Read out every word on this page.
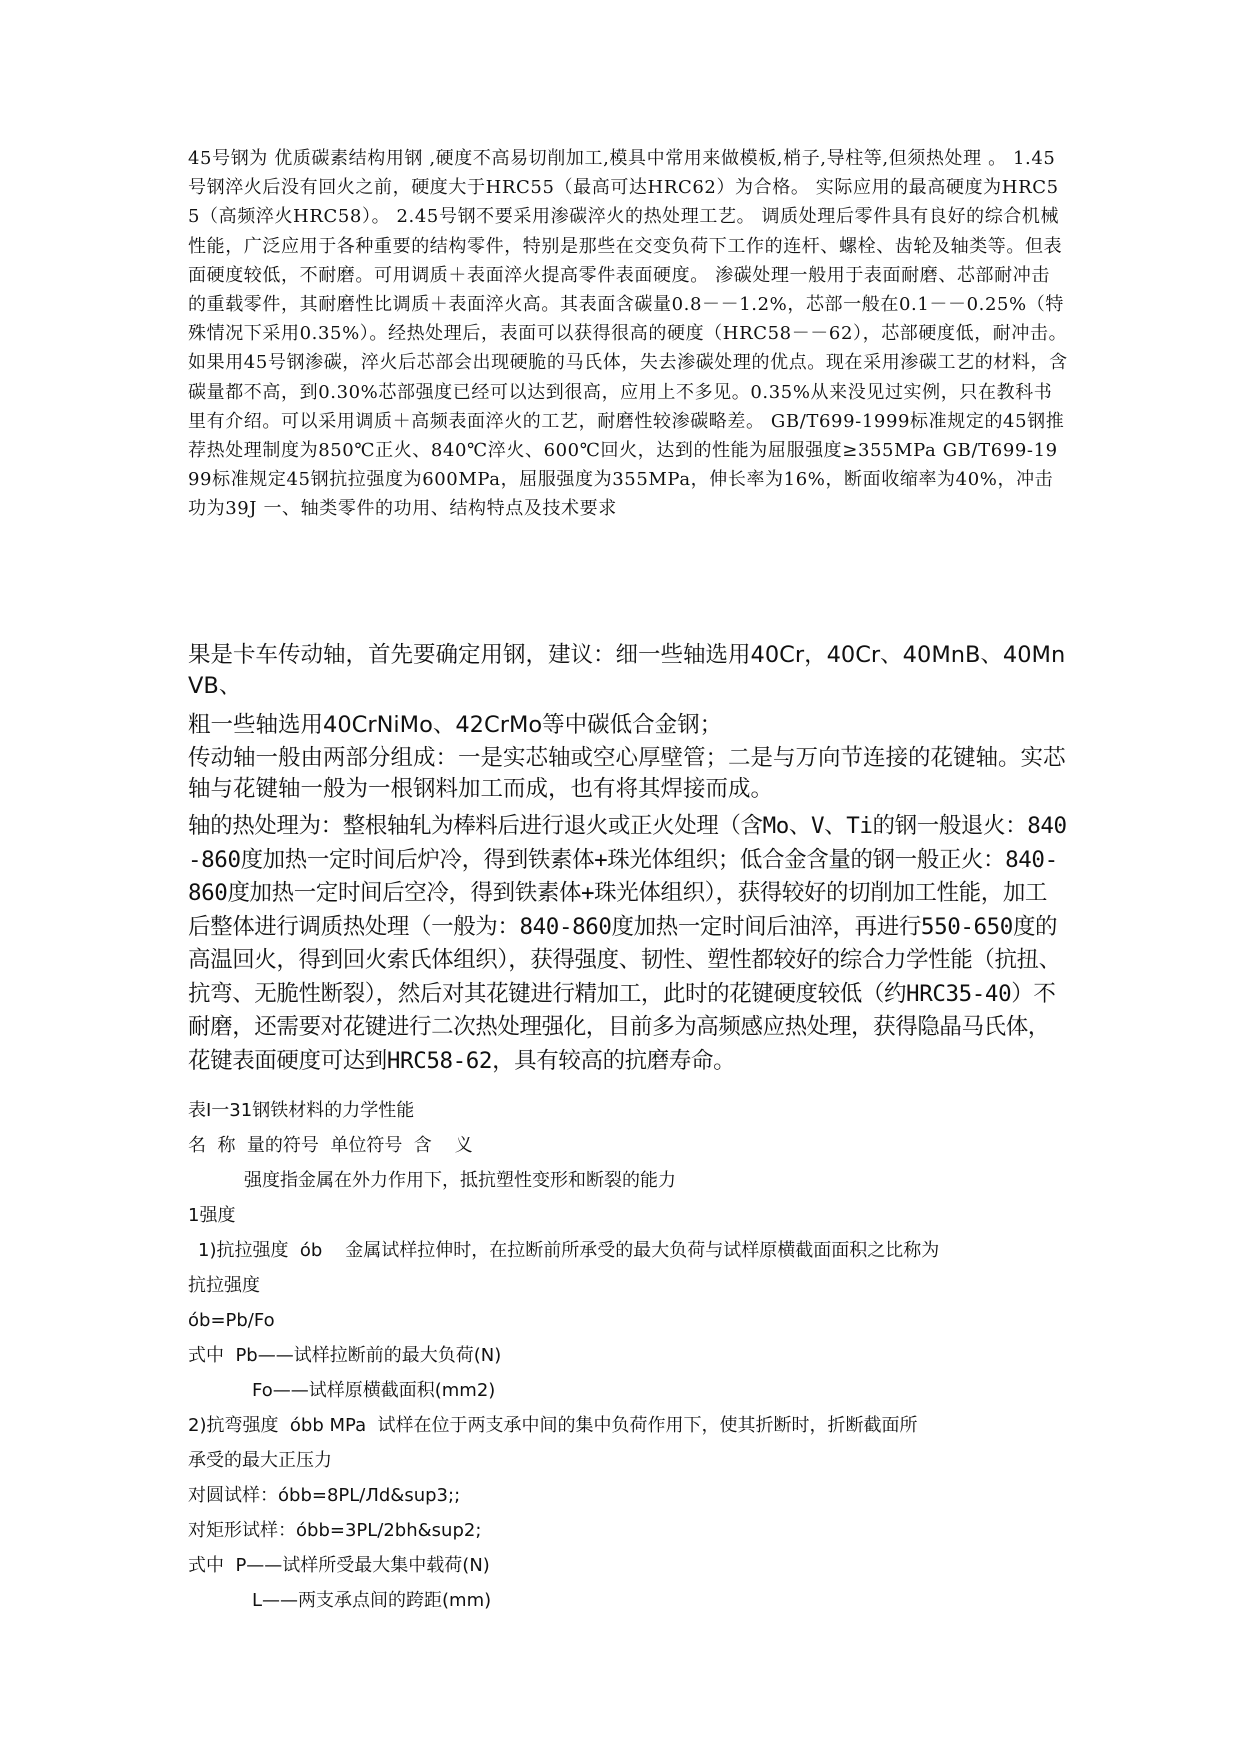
45号钢为 优质碳素结构用钢 ,硬度不高易切削加工,模具中常用来做模板,梢子,导柱等,但须热处理 。 1.45号钢淬火后没有回火之前，硬度大于HRC55（最高可达HRC62）为合格。 实际应用的最高硬度为HRC55（高频淬火HRC58）。 2.45号钢不要采用渗碳淬火的热处理工艺。 调质处理后零件具有良好的综合机械性能，广泛应用于各种重要的结构零件，特别是那些在交变负荷下工作的连杆、螺栓、齿轮及轴类等。但表面硬度较低，不耐磨。可用调质＋表面淬火提高零件表面硬度。 渗碳处理一般用于表面耐磨、芯部耐冲击的重载零件，其耐磨性比调质＋表面淬火高。其表面含碳量0.8－－1.2%，芯部一般在0.1－－0.25%（特殊情况下采用0.35%）。经热处理后，表面可以获得很高的硬度（HRC58－－62），芯部硬度低，耐冲击。 如果用45号钢渗碳，淬火后芯部会出现硬脆的马氏体，失去渗碳处理的优点。现在采用渗碳工艺的材料，含碳量都不高，到0.30%芯部强度已经可以达到很高，应用上不多见。0.35%从来没见过实例，只在教科书里有介绍。可以采用调质＋高频表面淬火的工艺，耐磨性较渗碳略差。 GB/T699-1999标准规定的45钢推荐热处理制度为850℃正火、840℃淬火、600℃回火，达到的性能为屈服强度≥355MPa GB/T699-1999标准规定45钢抗拉强度为600MPa，屈服强度为355MPa，伸长率为16%，断面收缩率为40%，冲击功为39J 一、轴类零件的功用、结构特点及技术要求

果是卡车传动轴，首先要确定用钢，建议：细一些轴选用40Cr，40Cr、40MnB、40MnVB、

粗一些轴选用40CrNiMo、42CrMo等中碳低合金钢；

传动轴一般由两部分组成：一是实芯轴或空心厚壁管；二是与万向节连接的花键轴。实芯轴与花键轴一般为一根钢料加工而成，也有将其焊接而成。

轴的热处理为：整根轴轧为棒料后进行退火或正火处理（含Mo、V、Ti的钢一般退火：840-860度加热一定时间后炉冷，得到铁素体+珠光体组织；低合金含量的钢一般正火：840-860度加热一定时间后空冷，得到铁素体+珠光体组织），获得较好的切削加工性能，加工后整体进行调质热处理（一般为：840-860度加热一定时间后油淬，再进行550-650度的高温回火，得到回火索氏体组织），获得强度、韧性、塑性都较好的综合力学性能（抗扭、抗弯、无脆性断裂），然后对其花键进行精加工，此时的花键硬度较低（约HRC35-40）不耐磨，还需要对花键进行二次热处理强化，目前多为高频感应热处理，获得隐晶马氏体，花键表面硬度可达到HRC58-62，具有较高的抗磨寿命。

表Ⅰ一31钢铁材料的力学性能

名  称  量的符号  单位符号  含    义

强度指金属在外力作用下，抵抗塑性变形和断裂的能力

1强度

1)抗拉强度  ób    金属试样拉伸时，在拉断前所承受的最大负荷与试样原横截面面积之比称为

抗拉强度

ób=Pb/Fo

式中  Pb——试样拉断前的最大负荷(N)

Fo——试样原横截面积(mm2)

2)抗弯强度  óbb MPa  试样在位于两支承中间的集中负荷作用下，使其折断时，折断截面所

承受的最大正压力

对圆试样：óbb=8PL/Лd&sup3;;

对矩形试样：óbb=3PL/2bh&sup2;

式中  P——试样所受最大集中载荷(N)

L——两支承点间的跨距(mm)
